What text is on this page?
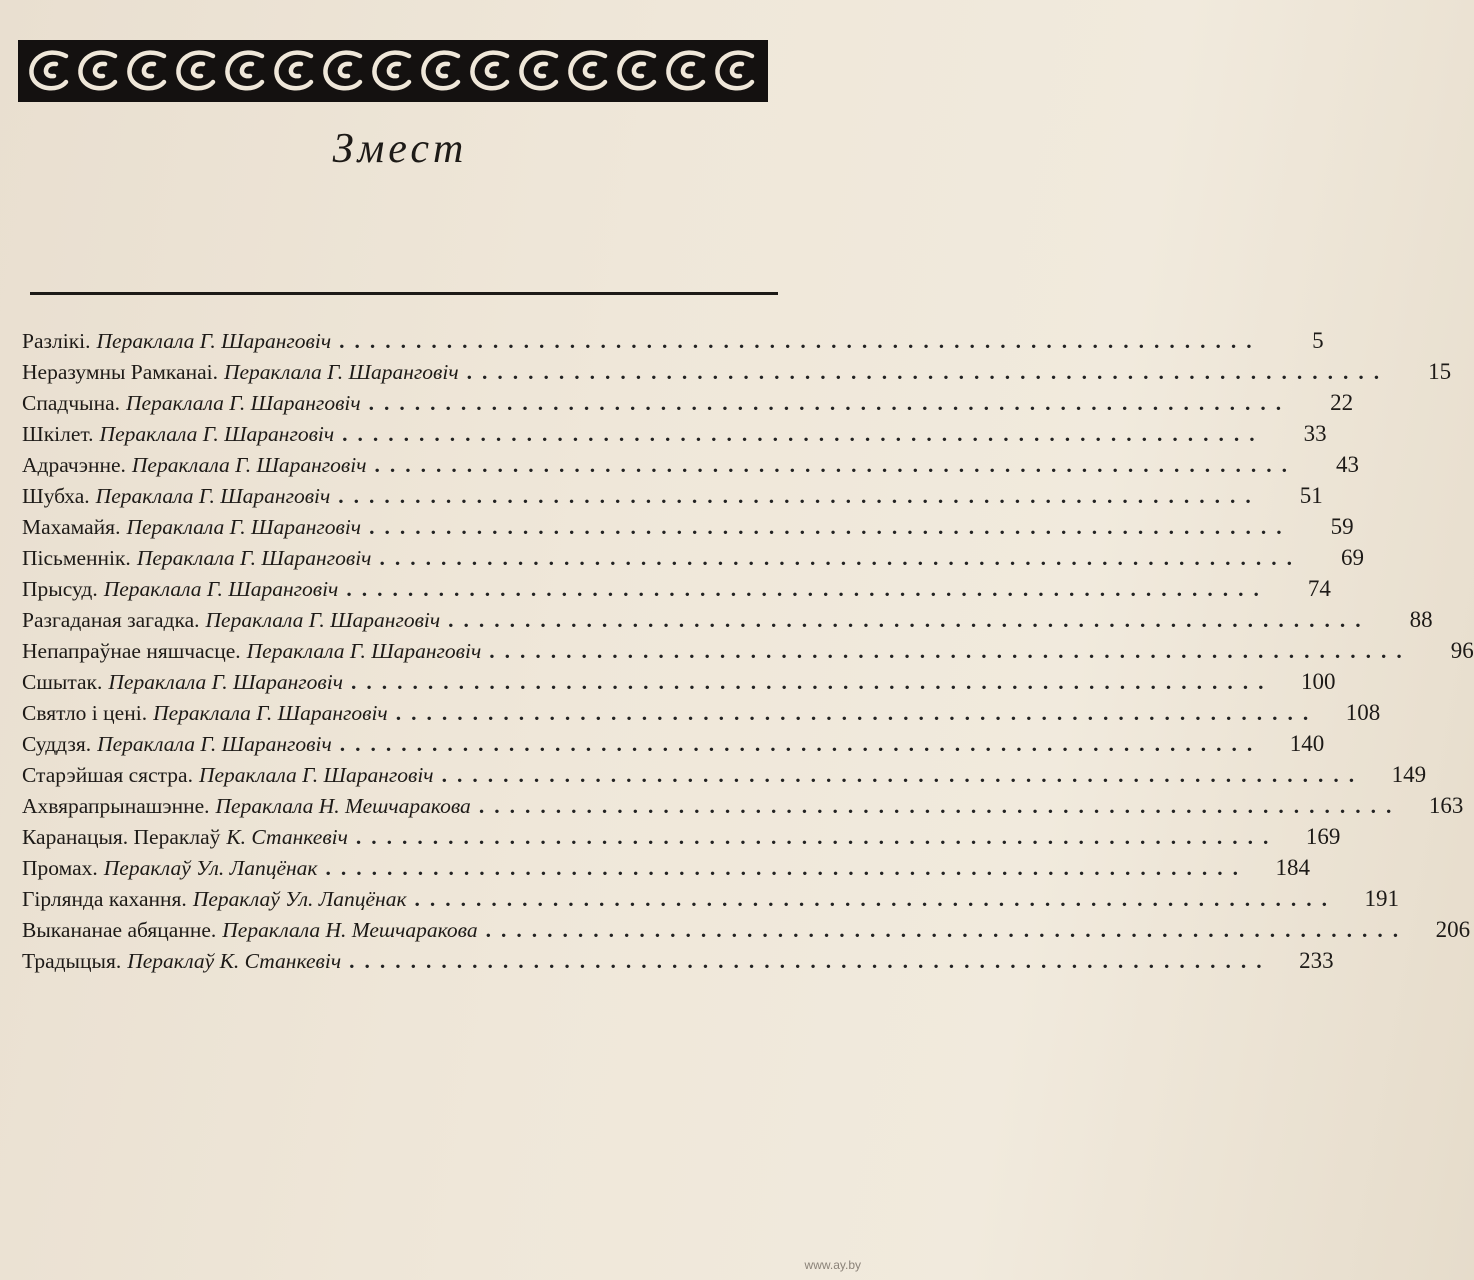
Змест
Разлікі. Пераклала Г. Шаранговіч ............................................................	5
Неразумны Рамканаі. Пераклала Г. Шаранговіч ............................................................	15
Спадчына. Пераклала Г. Шаранговіч ............................................................	22
Шкілет. Пераклала Г. Шаранговіч ............................................................	33
Адрачэнне. Пераклала Г. Шаранговіч ............................................................	43
Шубха. Пераклала Г. Шаранговіч ............................................................	51
Махамайя. Пераклала Г. Шаранговіч ............................................................	59
Пісьменнік. Пераклала Г. Шаранговіч ............................................................	69
Прысуд. Пераклала Г. Шаранговіч ............................................................	74
Разгаданая загадка. Пераклала Г. Шаранговіч ............................................................	88
Непапраўнае няшчасце. Пераклала Г. Шаранговіч ............................................................	96
Сшытак. Пераклала Г. Шаранговіч ............................................................	100
Святло і цені. Пераклала Г. Шаранговіч ............................................................	108
Суддзя. Пераклала Г. Шаранговіч ............................................................	140
Старэйшая сястра. Пераклала Г. Шаранговіч ............................................................	149
Ахвярапрынашэнне. Пераклала Н. Мешчаракова ............................................................	163
Каранацыя. Пераклаў К. Станкевіч ............................................................	169
Промах. Пераклаў Ул. Лапцёнак ............................................................	184
Гірлянда кахання. Пераклаў Ул. Лапцёнак ............................................................	191
Выкананае абяцанне. Пераклала Н. Мешчаракова ............................................................	206
Традыцыя. Пераклаў К. Станкевіч ............................................................	233
www.ay.by
